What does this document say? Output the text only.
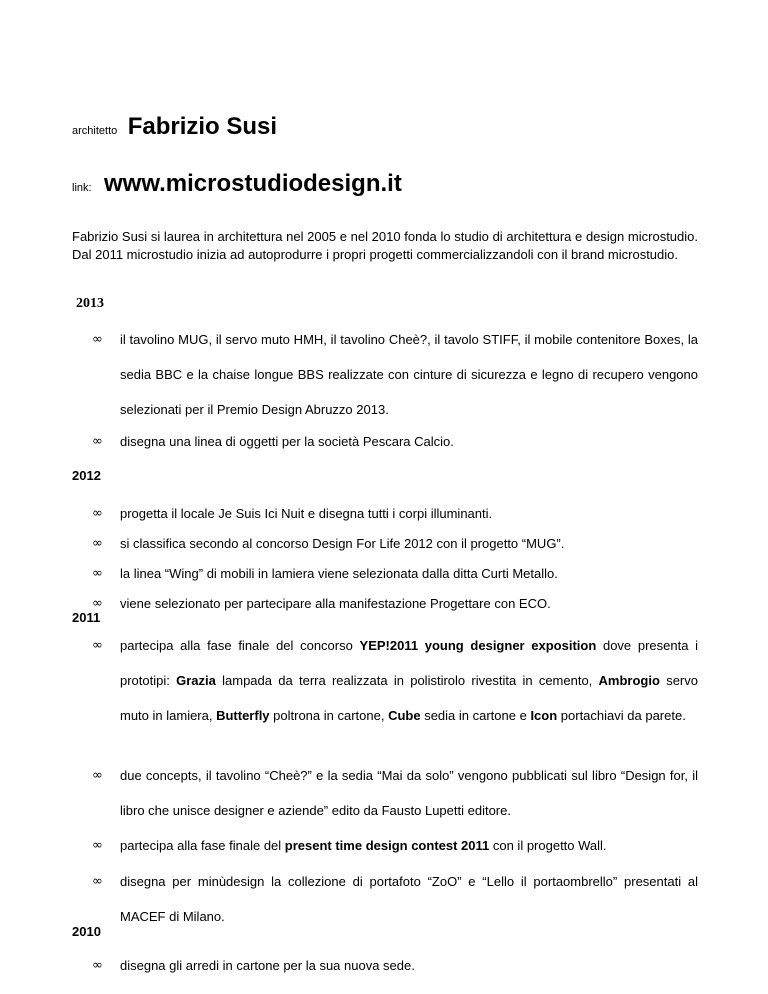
architetto Fabrizio Susi
link: www.microstudiodesign.it
Fabrizio Susi si laurea in architettura nel 2005 e nel 2010 fonda lo studio di architettura e design microstudio. Dal 2011 microstudio inizia ad autoprodurre i propri progetti commercializzandoli con il brand microstudio.
2013
∞ il tavolino MUG, il servo muto HMH, il tavolino Cheè?, il tavolo STIFF, il mobile contenitore Boxes, la sedia BBC e la chaise longue BBS realizzate con cinture di sicurezza e legno di recupero vengono selezionati per il Premio Design Abruzzo 2013.
∞ disegna una linea di oggetti per la società Pescara Calcio.
2012
∞ progetta il locale Je Suis Ici Nuit e disegna tutti i corpi illuminanti.
∞ si classifica secondo al concorso Design For Life 2012 con il progetto “MUG”.
∞ la linea “Wing” di mobili in lamiera viene selezionata dalla ditta Curti Metallo.
∞ viene selezionato per partecipare alla manifestazione Progettare con ECO.
2011
∞ partecipa alla fase finale del concorso YEP!2011 young designer exposition dove presenta i prototipi: Grazia lampada da terra realizzata in polistirolo rivestita in cemento, Ambrogio servo muto in lamiera, Butterfly poltrona in cartone, Cube sedia in cartone e Icon portachiavi da parete.
∞ due concepts, il tavolino “Cheè?” e la sedia “Mai da solo” vengono pubblicati sul libro “Design for, il libro che unisce designer e aziende” edito da Fausto Lupetti editore.
∞ partecipa alla fase finale del present time design contest 2011 con il progetto Wall.
∞ disegna per minùdesign la collezione di portafoto “ZoO” e “Lello il portaombrello” presentati al MACEF di Milano.
2010
∞ disegna gli arredi in cartone per la sua nuova sede.
